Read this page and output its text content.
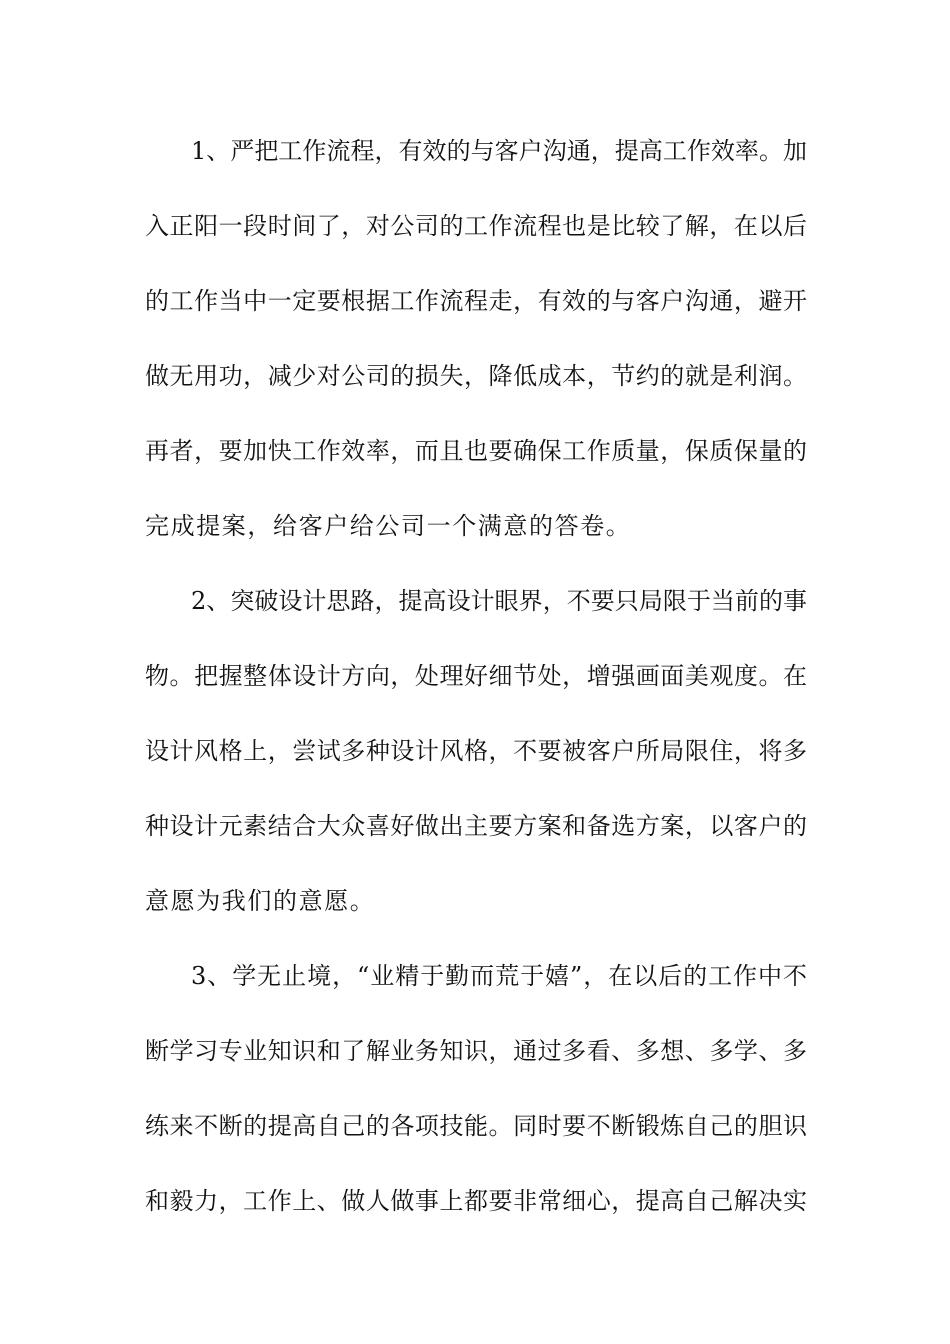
1、严把工作流程，有效的与客户沟通，提高工作效率。加
入正阳一段时间了，对公司的工作流程也是比较了解，在以后
的工作当中一定要根据工作流程走，有效的与客户沟通，避开
做无用功，减少对公司的损失，降低成本，节约的就是利润。
再者，要加快工作效率，而且也要确保工作质量，保质保量的
完成提案，给客户给公司一个满意的答卷。
2、突破设计思路，提高设计眼界，不要只局限于当前的事
物。把握整体设计方向，处理好细节处，增强画面美观度。在
设计风格上，尝试多种设计风格，不要被客户所局限住，将多
种设计元素结合大众喜好做出主要方案和备选方案，以客户的
意愿为我们的意愿。
3、学无止境，“业精于勤而荒于嬉”，在以后的工作中不
断学习专业知识和了解业务知识，通过多看、多想、多学、多
练来不断的提高自己的各项技能。同时要不断锻炼自己的胆识
和毅力，工作上、做人做事上都要非常细心，提高自己解决实
